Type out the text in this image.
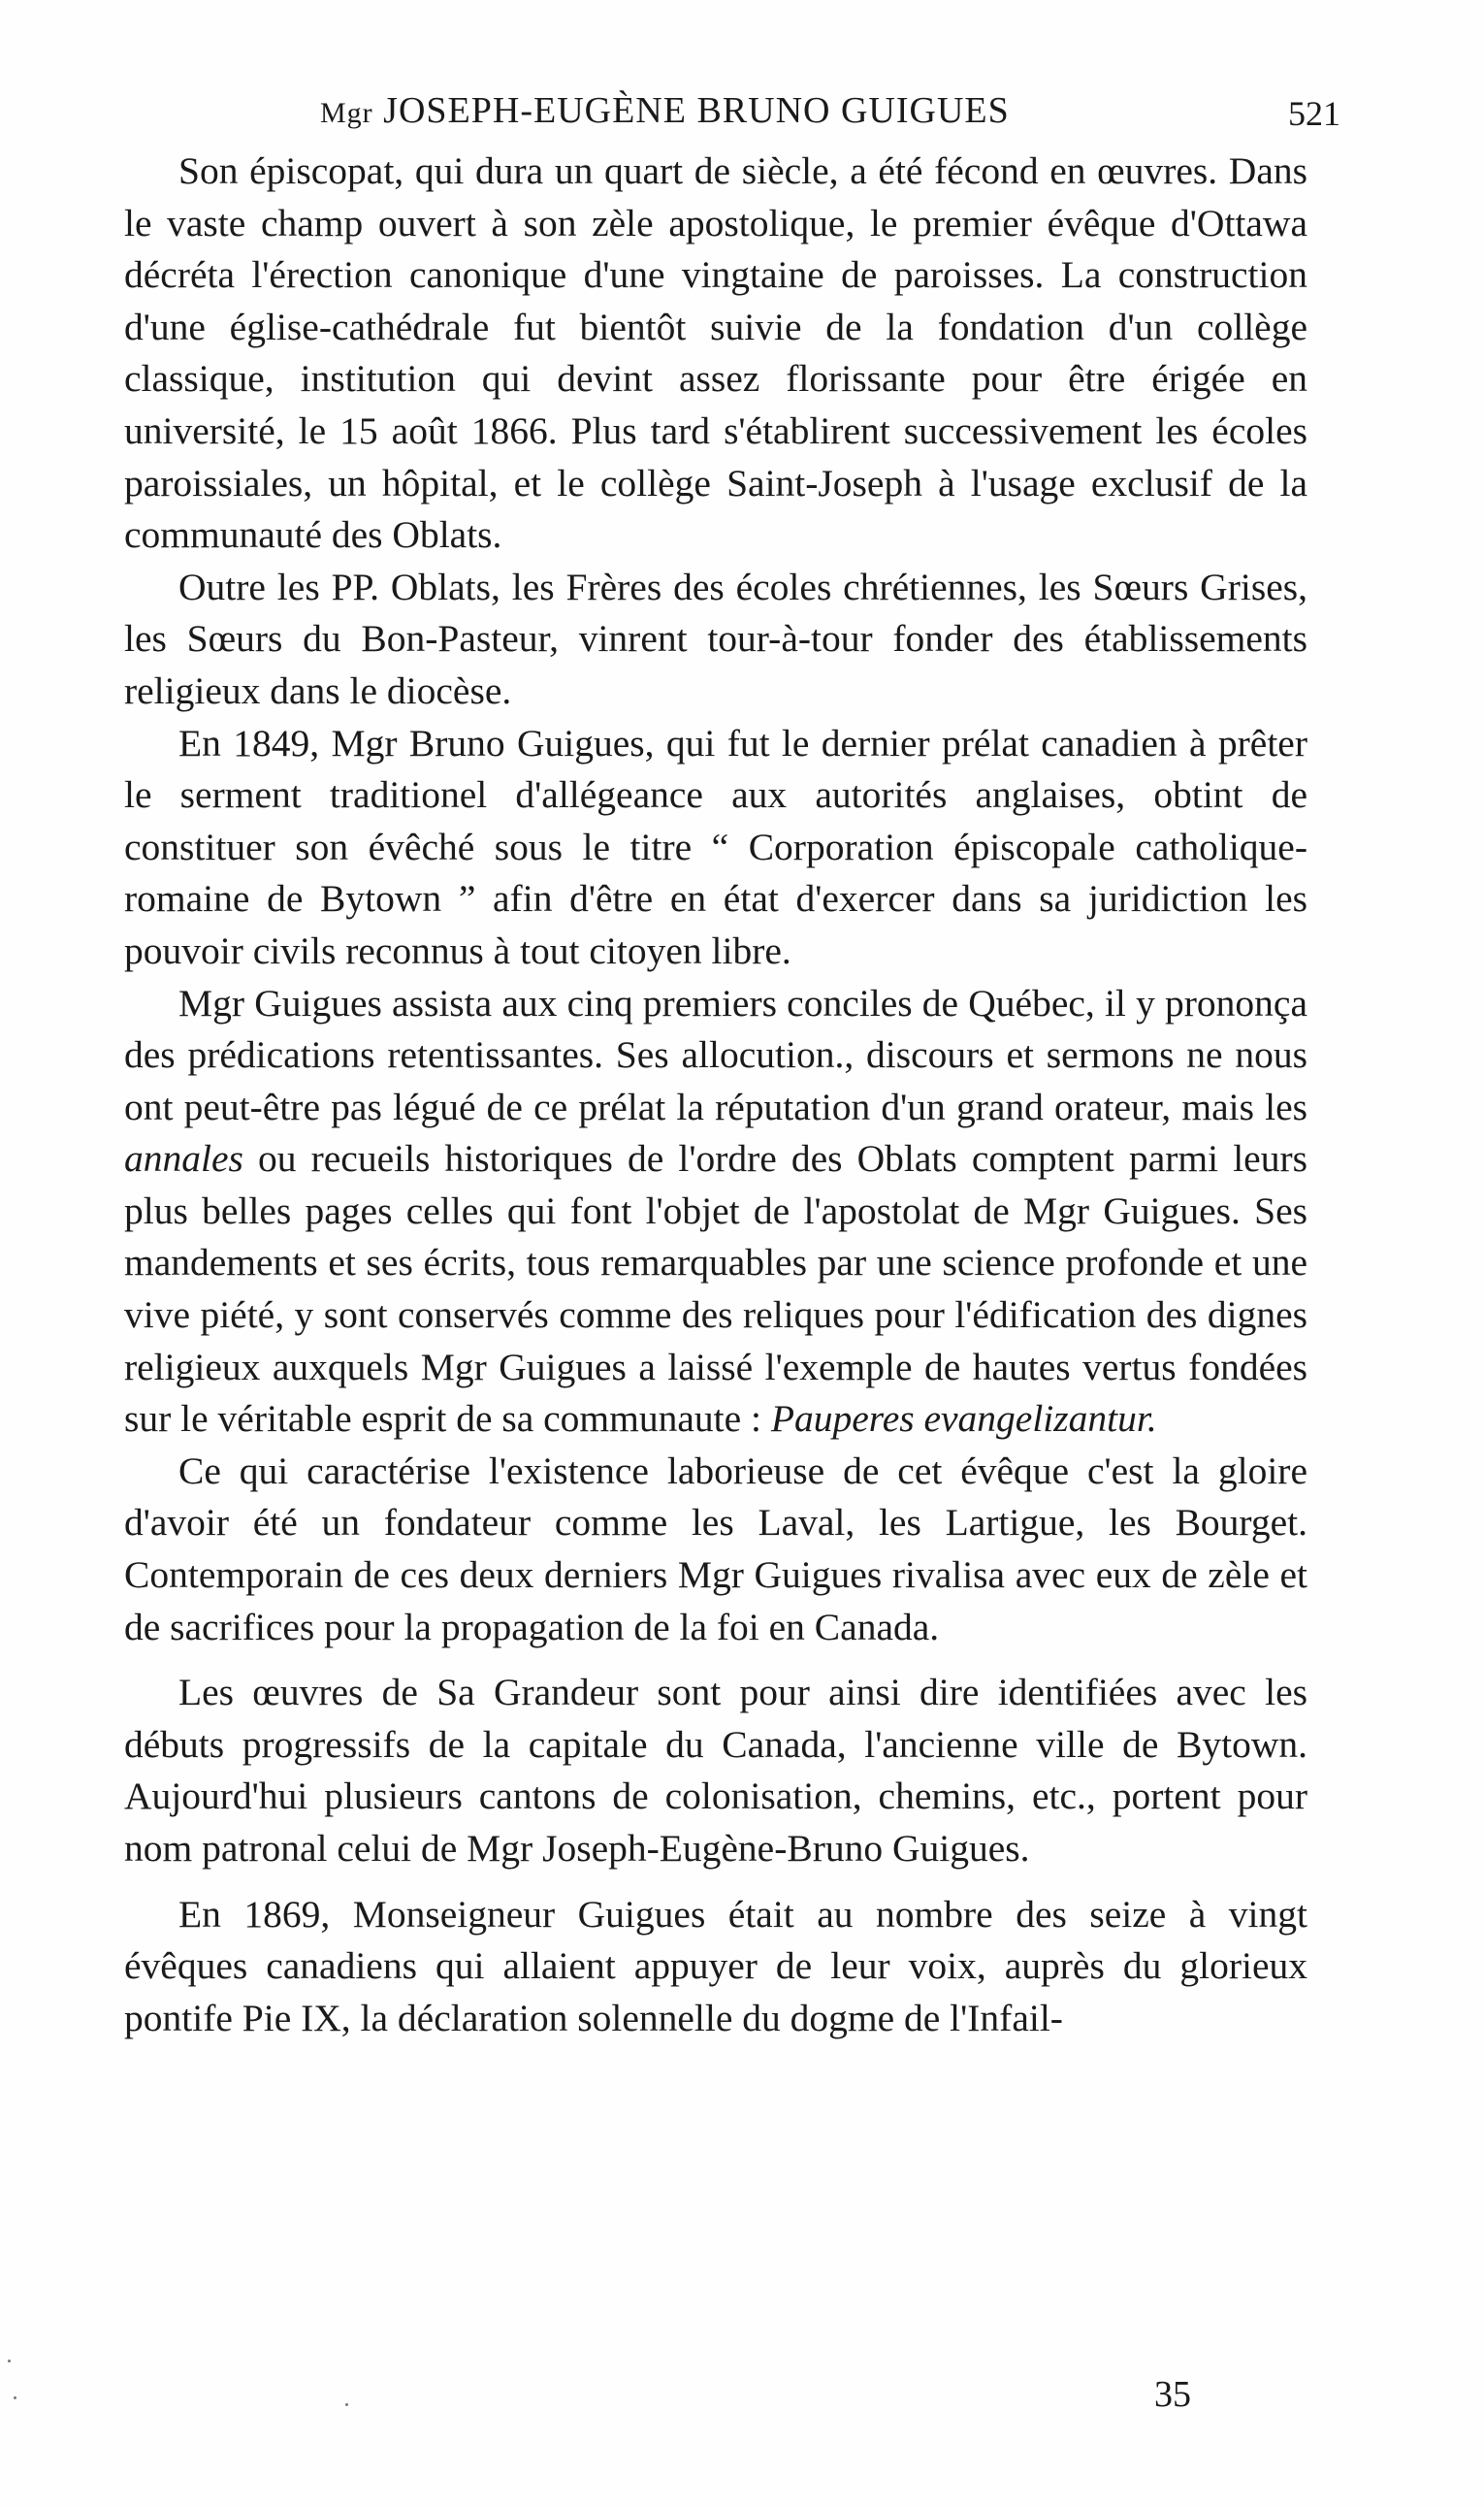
Mgr JOSEPH-EUGÈNE BRUNO GUIGUES	521

Son épiscopat, qui dura un quart de siècle, a été fécond en œuvres. Dans le vaste champ ouvert à son zèle apostolique, le premier évêque d'Ottawa décréta l'érection canonique d'une vingtaine de paroisses. La construction d'une église-cathédrale fut bientôt suivie de la fondation d'un collège classique, institution qui devint assez florissante pour être érigée en université, le 15 août 1866. Plus tard s'établirent successivement les écoles paroissiales, un hôpital, et le collège Saint-Joseph à l'usage exclusif de la communauté des Oblats.

Outre les PP. Oblats, les Frères des écoles chrétiennes, les Sœurs Grises, les Sœurs du Bon-Pasteur, vinrent tour-à-tour fonder des établissements religieux dans le diocèse.

En 1849, Mgr Bruno Guigues, qui fut le dernier prélat canadien à prêter le serment traditionel d'allégeance aux autorités anglaises, obtint de constituer son évêché sous le titre “ Corporation épiscopale catholique-romaine de Bytown ” afin d'être en état d'exercer dans sa juridiction les pouvoir civils reconnus à tout citoyen libre.

Mgr Guigues assista aux cinq premiers conciles de Québec, il y prononça des prédications retentissantes. Ses allocution., discours et sermons ne nous ont peut-être pas légué de ce prélat la réputation d'un grand orateur, mais les annales ou recueils historiques de l'ordre des Oblats comptent parmi leurs plus belles pages celles qui font l'objet de l'apostolat de Mgr Guigues. Ses mandements et ses écrits, tous remarquables par une science profonde et une vive piété, y sont conservés comme des reliques pour l'édification des dignes religieux auxquels Mgr Guigues a laissé l'exemple de hautes vertus fondées sur le véritable esprit de sa communaute : Pauperes evangelizantur.

Ce qui caractérise l'existence laborieuse de cet évêque c'est la gloire d'avoir été un fondateur comme les Laval, les Lartigue, les Bourget. Contemporain de ces deux derniers Mgr Guigues rivalisa avec eux de zèle et de sacrifices pour la propagation de la foi en Canada.

Les œuvres de Sa Grandeur sont pour ainsi dire identifiées avec les débuts progressifs de la capitale du Canada, l'ancienne ville de Bytown. Aujourd'hui plusieurs cantons de colonisation, chemins, etc., portent pour nom patronal celui de Mgr Joseph-Eugène-Bruno Guigues.

En 1869, Monseigneur Guigues était au nombre des seize à vingt évêques canadiens qui allaient appuyer de leur voix, auprès du glorieux pontife Pie IX, la déclaration solennelle du dogme de l'Infail-

35
